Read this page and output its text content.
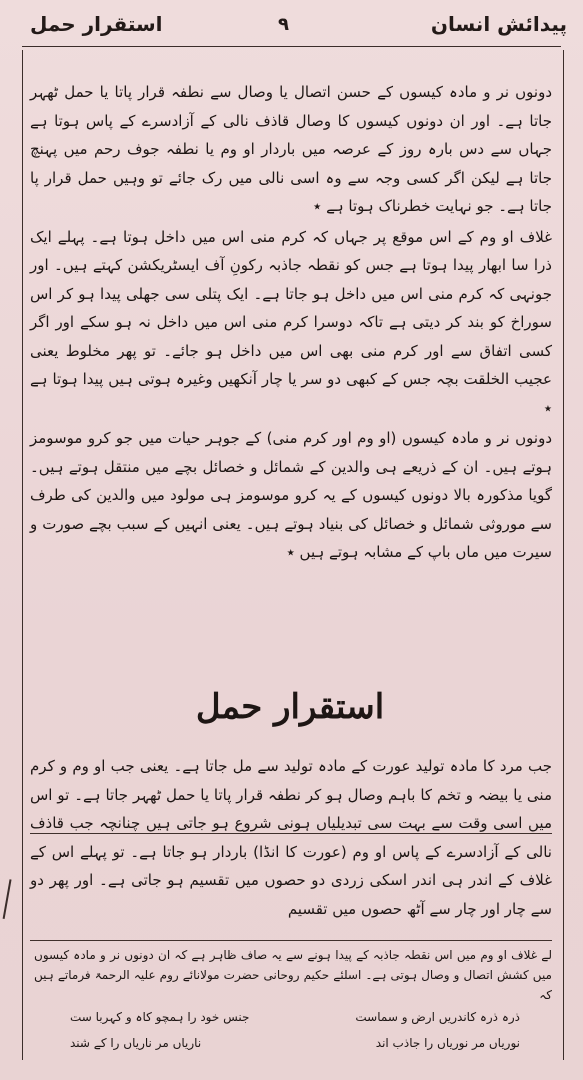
پیدائش انسان
۹
استقرار حمل

دونوں نر و مادہ کیسوں کے حسن اتصال یا وصال سے نطفہ قرار پاتا یا حمل ٹھہر جاتا ہے۔ اور ان دونوں کیسوں کا وصال قاذف نالی کے آزادسرے کے پاس ہوتا ہے جہاں سے دس بارہ روز کے عرصہ میں باردار او وم یا نطفہ جوف رحم میں پہنچ جاتا ہے لیکن اگر کسی وجہ سے وہ اسی نالی میں رک جائے تو وہیں حمل قرار پا جاتا ہے۔ جو نہایت خطرناک ہوتا ہے ٭

غلاف او وم کے اس موقع پر جہاں کہ کرم منی اس میں داخل ہوتا ہے۔ پہلے ایک ذرا سا ابھار پیدا ہوتا ہے جس کو نقطہ جاذبہ رکونِ آف ایسٹریکشن کہتے ہیں۔ اور جونہی کہ کرم منی اس میں داخل ہو جاتا ہے۔ ایک پتلی سی جھلی پیدا ہو کر اس سوراخ کو بند کر دیتی ہے تاکہ دوسرا کرم منی اس میں داخل نہ ہو سکے اور اگر کسی اتفاق سے اور کرم منی بھی اس میں داخل ہو جائے۔ تو پھر مخلوط یعنی عجیب الخلقت بچہ جس کے کبھی دو سر یا چار آنکھیں وغیرہ ہوتی ہیں پیدا ہوتا ہے ٭

دونوں نر و مادہ کیسوں (او وم اور کرم منی) کے جوہر حیات میں جو کرو موسومز ہوتے ہیں۔ ان کے ذریعے ہی والدین کے شمائل و خصائل بچے میں منتقل ہوتے ہیں۔ گویا مذکورہ بالا دونوں کیسوں کے یہ کرو موسومز ہی مولود میں والدین کی طرف سے موروثی شمائل و خصائل کی بنیاد ہوتے ہیں۔ یعنی انہیں کے سبب بچے صورت و سیرت میں ماں باپ کے مشابہ ہوتے ہیں ٭

استقرار حمل

جب مرد کا مادہ تولید عورت کے مادہ تولید سے مل جاتا ہے۔ یعنی جب او وم و کرم منی یا بیضہ و تخم کا باہم وصال ہو کر نطفہ قرار پاتا یا حمل ٹھہر جاتا ہے۔ تو اس میں اسی وقت سے بہت سی تبدیلیاں ہونی شروع ہو جاتی ہیں چنانچہ جب قاذف نالی کے آزادسرے کے پاس او وم (عورت کا انڈا) باردار ہو جاتا ہے۔ تو پہلے اس کے غلاف کے اندر ہی اندر اسکی زردی دو حصوں میں تقسیم ہو جاتی ہے۔ اور پھر دو سے چار اور چار سے آٹھ حصوں میں تقسیم

لے غلاف او وم میں اس نقطہ جاذبہ کے پیدا ہونے سے یہ صاف ظاہر ہے کہ ان دونوں نر و مادہ کیسوں میں کشش اتصال و وصال ہوتی ہے۔ اسلئے حکیم روحانی حضرت مولانائے روم علیہ الرحمۃ فرماتے ہیں کہ

ذرہ ذرہ کاندریں ارض و سماست
جنس خود را ہمچو کاہ و کہربا ست
نوریاں مر نوریاں را جاذب اند
ناریاں مر ناریاں را کے شند
